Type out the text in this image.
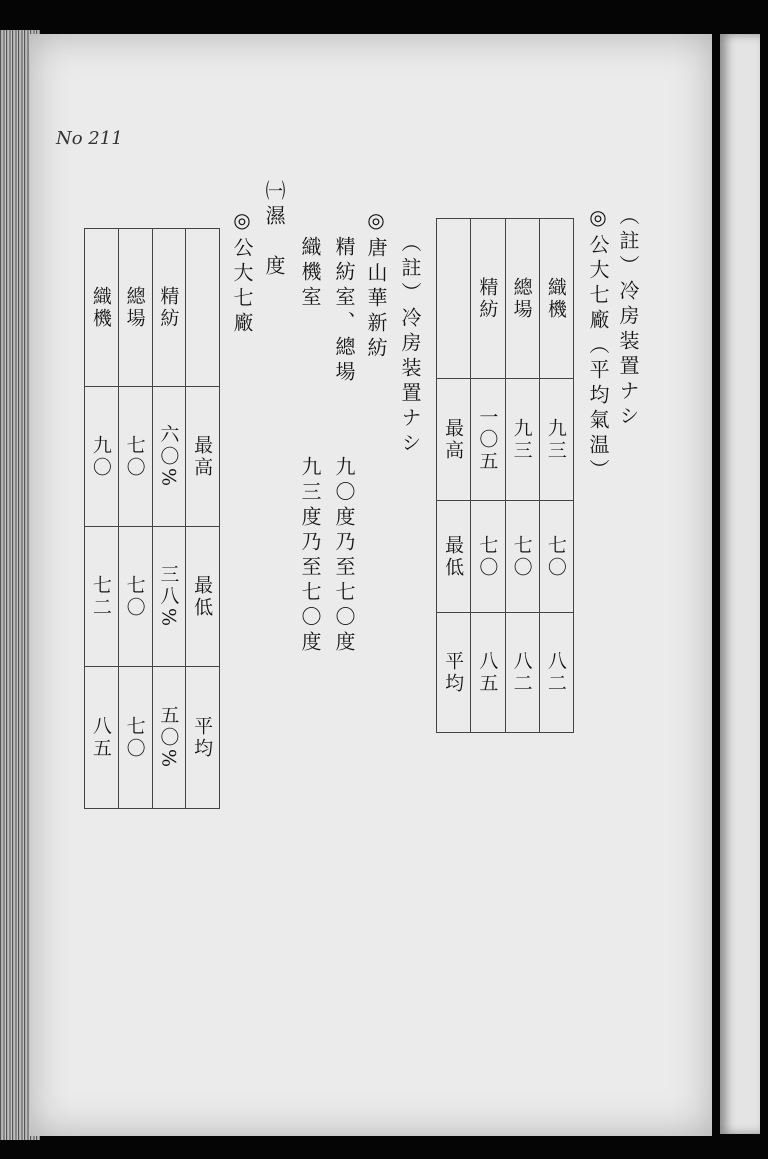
No 211
（註）冷房装置ナシ
◎公大七廠（平均氣温）
	精紡	總場	織機
最高	一〇五	九三	九三
最低	七〇	七〇	七〇
平均	八五	八二	八二
（註）冷房装置ナシ
◎唐山華新紡
精紡室、總場
九〇度乃至七〇度
織機室
九三度乃至七〇度
㈠濕　度
◎公大七廠
織機	總場	精紡	
九〇	七〇	六〇%	最高
七二	七〇	三八%	最低
八五	七〇	五〇%	平均
